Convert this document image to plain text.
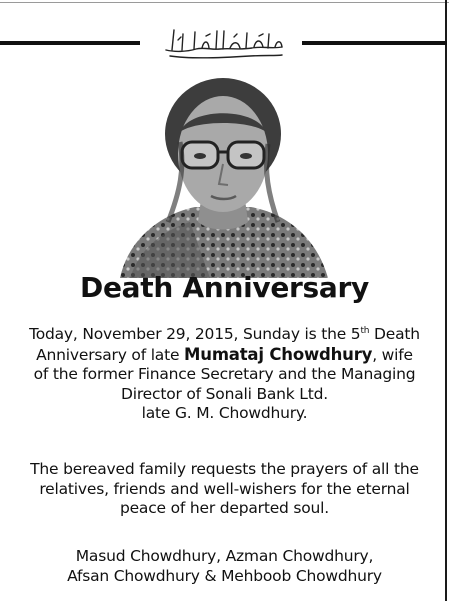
Death Anniversary
Today, November 29, 2015, Sunday is the 5th Death
Anniversary of late Mumataj Chowdhury, wife
of the former Finance Secretary and the Managing
Director of Sonali Bank Ltd.
late G. M. Chowdhury.
The bereaved family requests the prayers of all the
relatives, friends and well-wishers for the eternal
peace of her departed soul.
Masud Chowdhury, Azman Chowdhury,
Afsan Chowdhury & Mehboob Chowdhury
